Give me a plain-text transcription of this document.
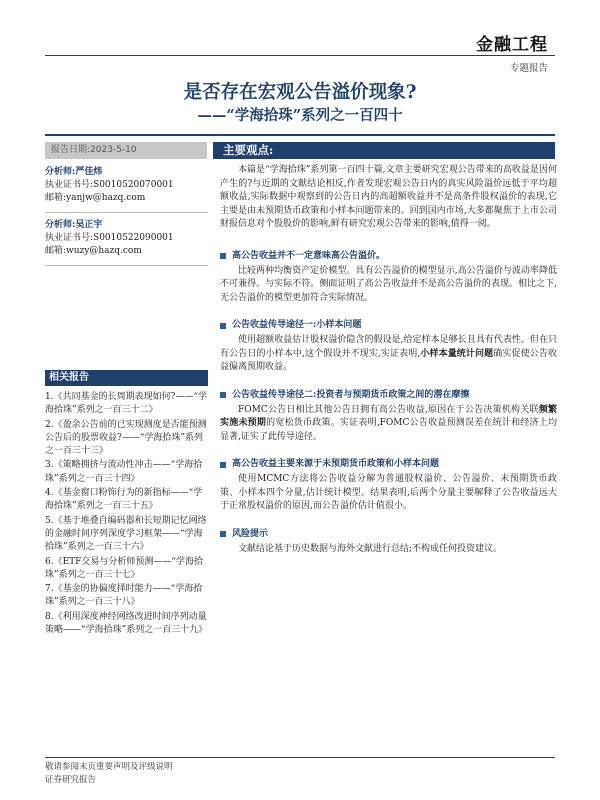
金融工程
专题报告
是否存在宏观公告溢价现象?
——“学海拾珠”系列之一百四十
报告日期:2023-5-10	主要观点:
分析师:严佳炜
执业证书号:S0010520070001
邮箱:yanjw@hazq.com
分析师:吴正宇
执业证书号:S0010522090001
邮箱:wuzy@hazq.com
相关报告
1.《共同基金的长周期表现如何?——“学海拾珠”系列之一百三十二》
2.《盈余公告前的已实现测度是否能预测公告后的股票收益?——“学海拾珠”系列之一百三十三》
3.《策略拥挤与流动性冲击——“学海拾珠”系列之一百三十四》
4.《基金窗口粉饰行为的新指标——“学海拾珠”系列之一百三十五》
5.《基于堆叠自编码器和长短期记忆网络的金融时间序列深度学习框架——“学海拾珠”系列之一百三十六》
6.《ETF交易与分析师预测——“学海拾珠”系列之一百三十七》
7.《基金的协偏度择时能力——“学海拾珠”系列之一百三十八》
8.《利用深度神经网络改进时间序列动量策略——“学海拾珠”系列之一百三十九》

本篇是“学海拾珠”系列第一百四十篇,文章主要研究宏观公告带来的高收益是因何产生的?与近期的文献结论相反,作者发现宏观公告日内的真实风险溢价远低于平均超额收益,实际数据中观察到的公告日内的高超额收益并不是高条件股权溢价的表现,它主要是由未预期货币政策和小样本问题带来的。回到国内市场,大多都聚焦于上市公司财报信息对个股股价的影响,鲜有研究宏观公告带来的影响,值得一阅。

高公告收益并不一定意味高公告溢价。

比较两种均衡资产定价模型。具有公告溢价的模型显示,高公告溢价与波动率降低不可兼得。与实际不符。侧面证明了高公告收益并不是高公告溢价的表现。相比之下,无公告溢价的模型更加符合实际情况。

公告收益传导途径一:小样本问题

使用超额收益估计股权溢价隐含的假设是,给定样本足够长且具有代表性。但在只有公告日的小样本中,这个假设并不现实,实证表明,小样本量统计问题确实促使公告收益偏离预期收益。

公告收益传导途径二:投资者与预期货币政策之间的潜在摩擦

FOMC公告日相比其他公告日拥有高公告收益,原因在于公告决策机构关联频繁实施未预期的宽松货币政策。实证表明,FOMC公告收益预测误差在统计和经济上均显著,证实了此传导途径。

高公告收益主要来源于未预期货币政策和小样本问题

使用MCMC方法将公告收益分解为普通股权溢价、公告溢价、未预期货币政策、小样本四个分量,估计统计模型。结果表明,后两个分量主要解释了公告收益远大于正常股权溢价的原因,而公告溢价估计值很小。

风险提示

文献结论基于历史数据与海外文献进行总结;不构成任何投资建议。

敬请参阅末页重要声明及评级说明
证券研究报告
